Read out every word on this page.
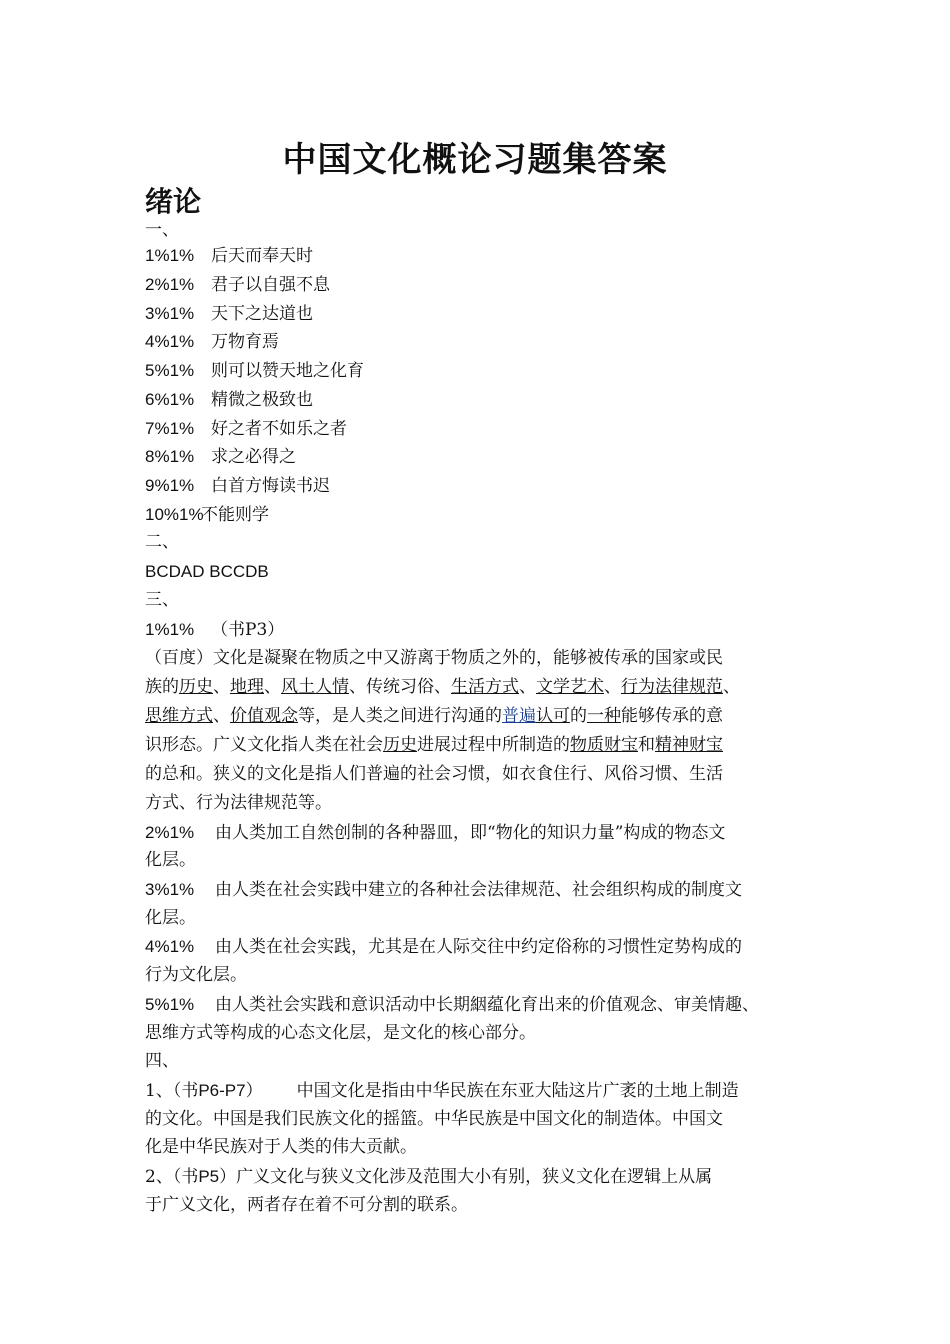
中国文化概论习题集答案
绪论
一、
1%1% 后天而奉天时
2%1% 君子以自强不息
3%1% 天下之达道也
4%1% 万物育焉
5%1% 则可以赞天地之化育
6%1% 精微之极致也
7%1% 好之者不如乐之者
8%1% 求之必得之
9%1% 白首方悔读书迟
10%1%不能则学
二、
BCDAD BCCDB
三、
1%1% （书P3）
（百度）文化是凝聚在物质之中又游离于物质之外的，能够被传承的国家或民
族的历史、地理、风土人情、传统习俗、生活方式、文学艺术、行为法律规范、
思维方式、价值观念等，是人类之间进行沟通的普遍认可的一种能够传承的意
识形态。广义文化指人类在社会历史进展过程中所制造的物质财宝和精神财宝
的总和。狭义的文化是指人们普遍的社会习惯，如衣食住行、风俗习惯、生活
方式、行为法律规范等。
2%1% 由人类加工自然创制的各种器皿，即“物化的知识力量”构成的物态文
化层。
3%1% 由人类在社会实践中建立的各种社会法律规范、社会组织构成的制度文
化层。
4%1% 由人类在社会实践，尤其是在人际交往中约定俗称的习惯性定势构成的
行为文化层。
5%1% 由人类社会实践和意识活动中长期絪蕴化育出来的价值观念、审美情趣、
思维方式等构成的心态文化层，是文化的核心部分。
四、
1、（书P6-P7） 中国文化是指由中华民族在东亚大陆这片广袤的土地上制造
的文化。中国是我们民族文化的摇篮。中华民族是中国文化的制造体。中国文
化是中华民族对于人类的伟大贡献。
2、（书P5）广义文化与狭义文化涉及范围大小有别，狭义文化在逻辑上从属
于广义文化，两者存在着不可分割的联系。
